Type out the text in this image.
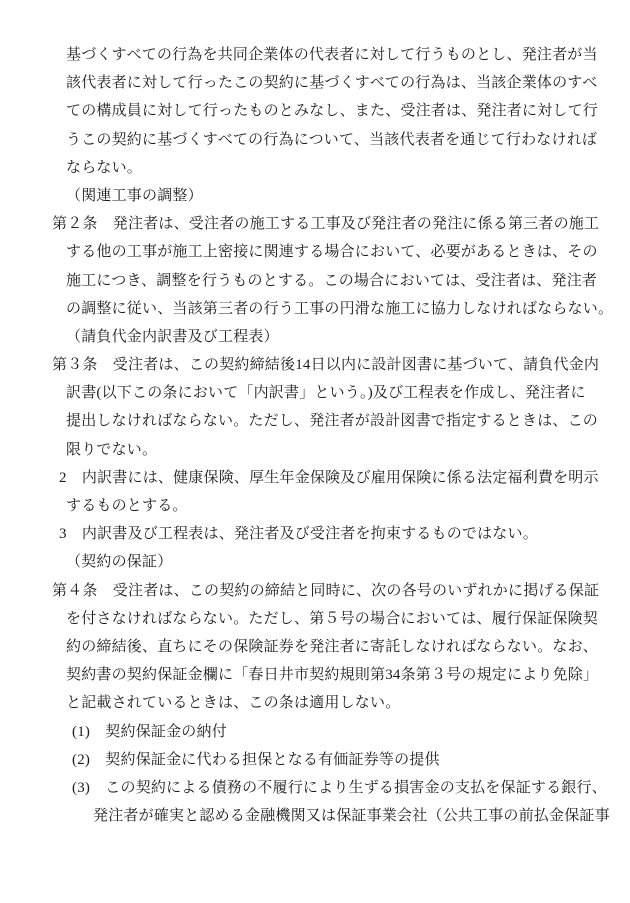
基づくすべての行為を共同企業体の代表者に対して行うものとし、発注者が当
該代表者に対して行ったこの契約に基づくすべての行為は、当該企業体のすべ
ての構成員に対して行ったものとみなし、また、受注者は、発注者に対して行
うこの契約に基づくすべての行為について、当該代表者を通じて行わなければ
ならない。
（関連工事の調整）
第２条　発注者は、受注者の施工する工事及び発注者の発注に係る第三者の施工
する他の工事が施工上密接に関連する場合において、必要があるときは、その
施工につき、調整を行うものとする。この場合においては、受注者は、発注者
の調整に従い、当該第三者の行う工事の円滑な施工に協力しなければならない。
（請負代金内訳書及び工程表）
第３条　受注者は、この契約締結後14日以内に設計図書に基づいて、請負代金内
訳書(以下この条において「内訳書」という。)及び工程表を作成し、発注者に
提出しなければならない。ただし、発注者が設計図書で指定するときは、この
限りでない。
2　内訳書には、健康保険、厚生年金保険及び雇用保険に係る法定福利費を明示
するものとする。
3　内訳書及び工程表は、発注者及び受注者を拘束するものではない。
（契約の保証）
第４条　受注者は、この契約の締結と同時に、次の各号のいずれかに掲げる保証
を付さなければならない。ただし、第５号の場合においては、履行保証保険契
約の締結後、直ちにその保険証券を発注者に寄託しなければならない。なお、
契約書の契約保証金欄に「春日井市契約規則第34条第３号の規定により免除」
と記載されているときは、この条は適用しない。
(1)　契約保証金の納付
(2)　契約保証金に代わる担保となる有価証券等の提供
(3)　この契約による債務の不履行により生ずる損害金の支払を保証する銀行、
発注者が確実と認める金融機関又は保証事業会社（公共工事の前払金保証事
